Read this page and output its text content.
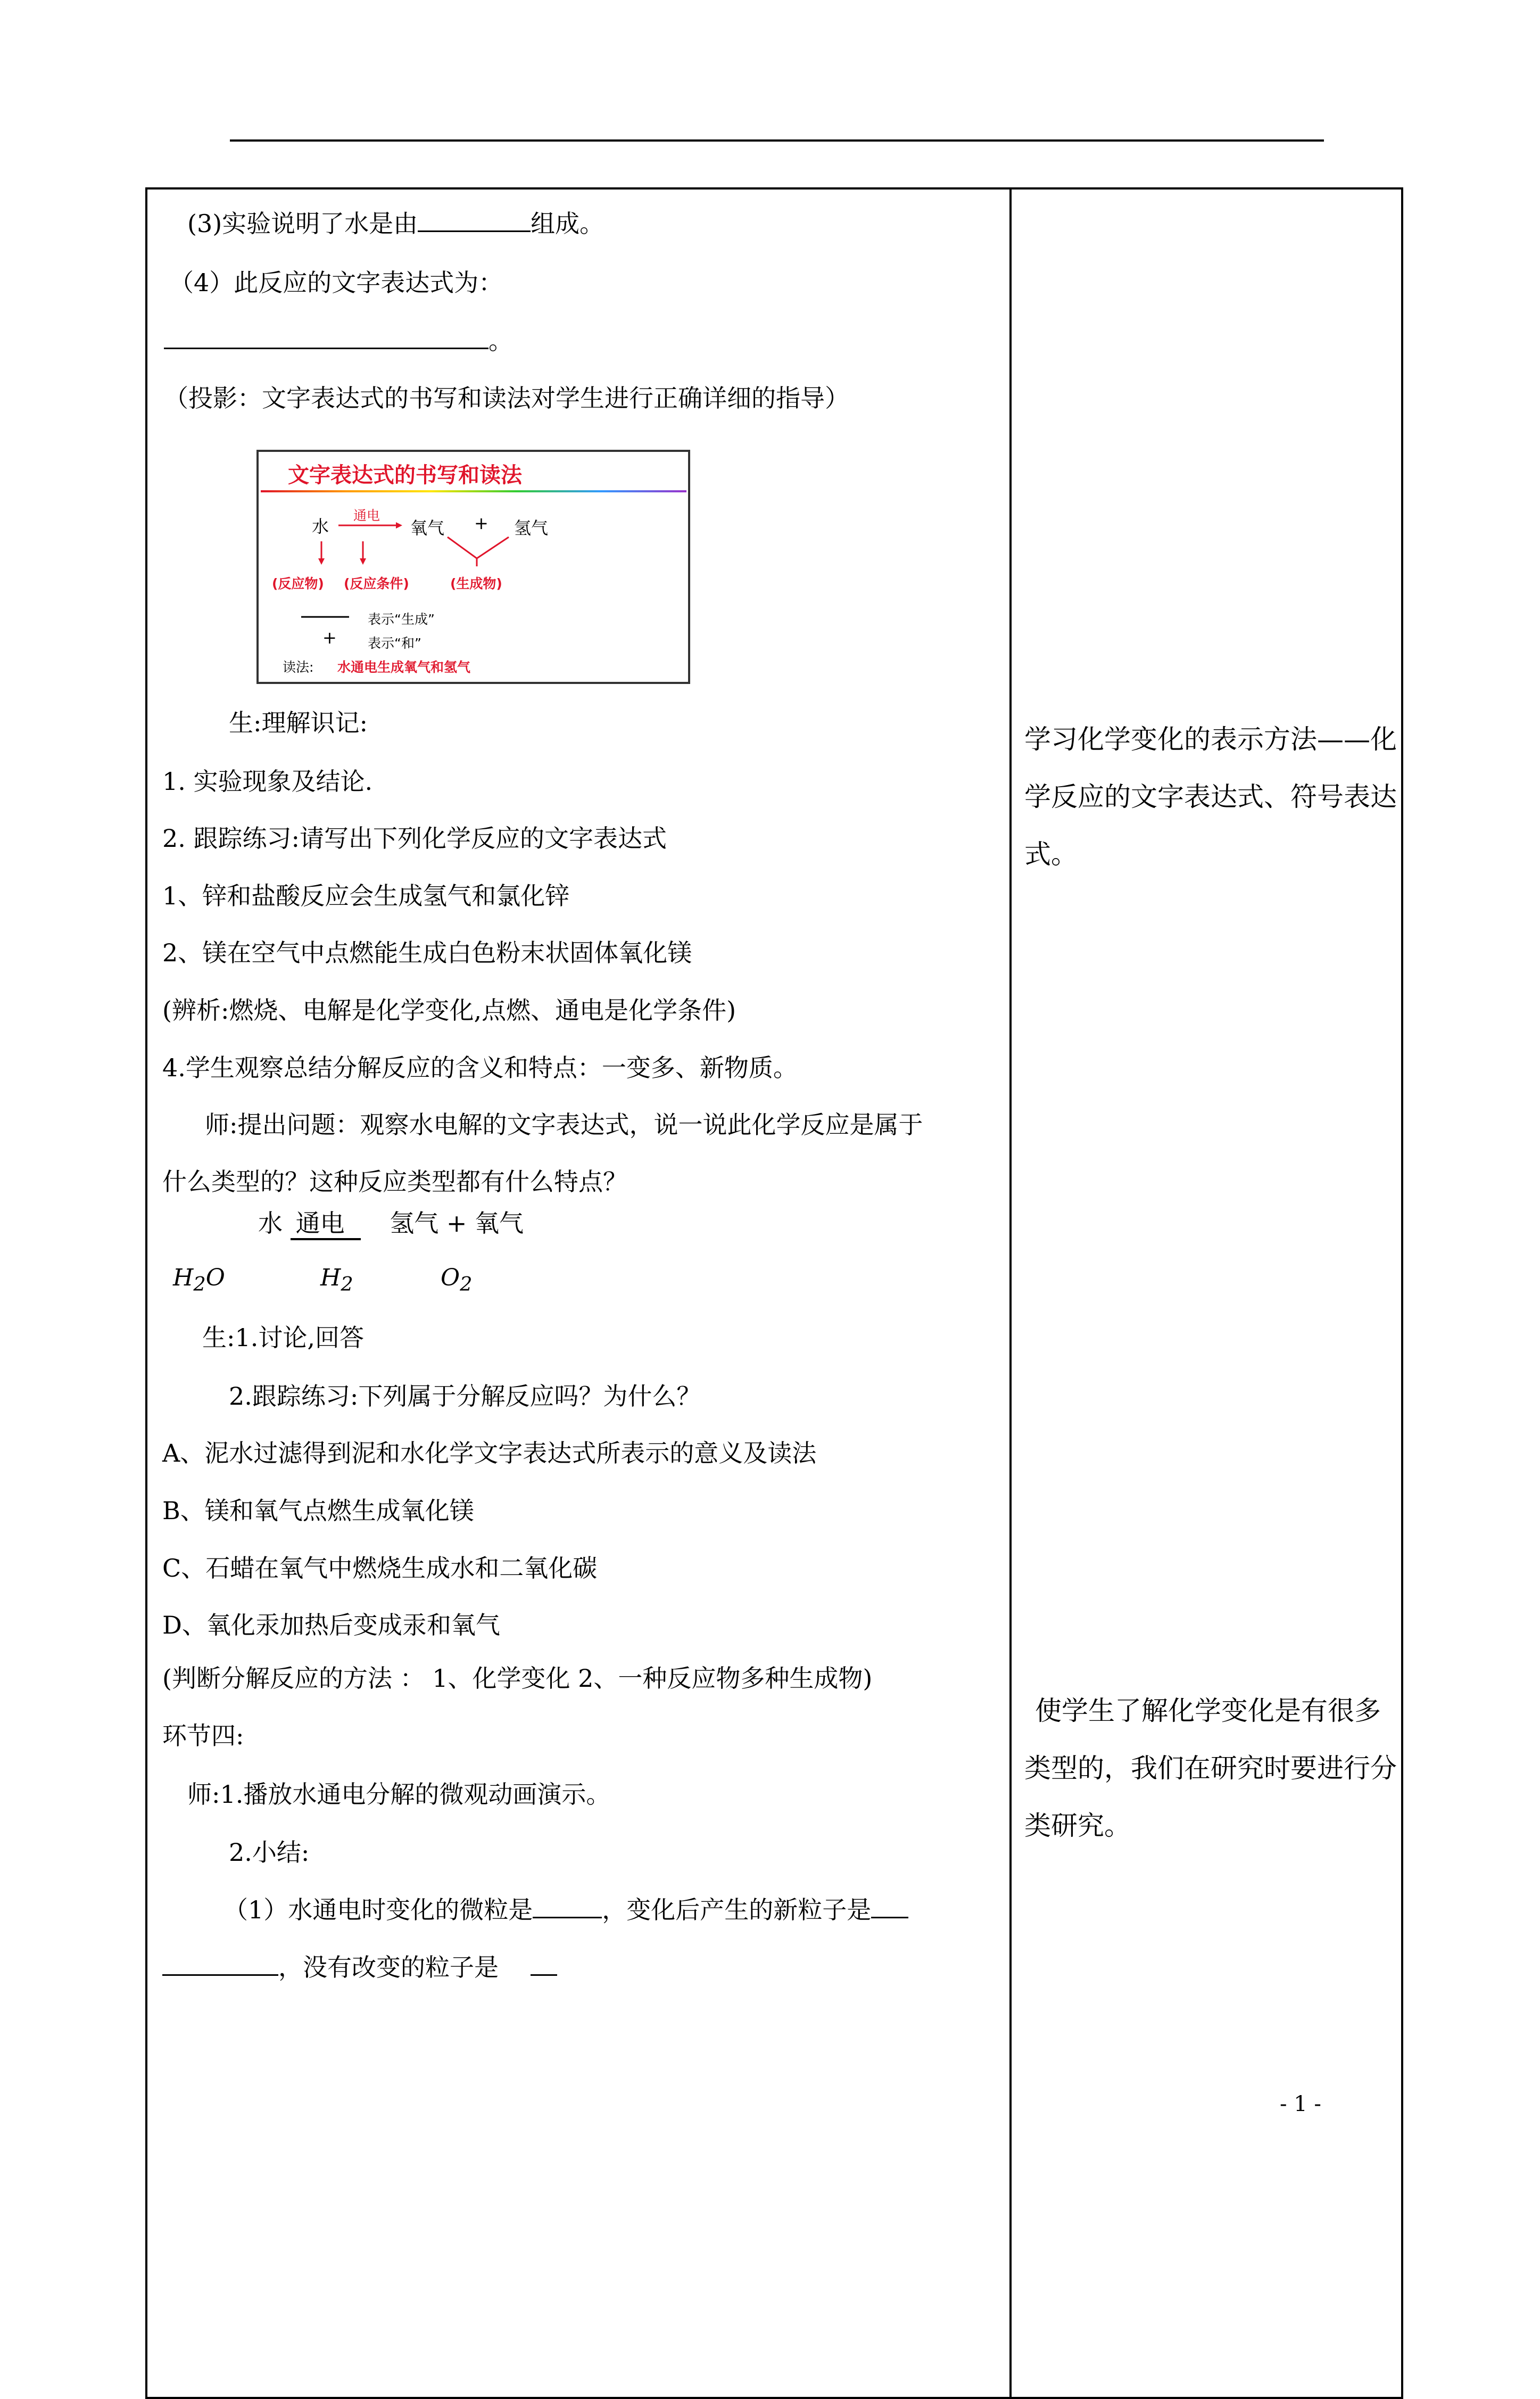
(3)实验说明了水是由	组成。
（4）此反应的文字表达式为：
。
（投影：文字表达式的书写和读法对学生进行正确详细的指导）
文字表达式的书写和读法
水
通电
氧气 + 氢气
(反应物) (反应条件)	(生成物)
表示“生成”
+ 表示“和”
读法: 水通电生成氧气和氢气
生:理解识记:
1. 实验现象及结论.
2. 跟踪练习:请写出下列化学反应的文字表达式
1、锌和盐酸反应会生成氢气和氯化锌
2、镁在空气中点燃能生成白色粉末状固体氧化镁
(辨析:燃烧、电解是化学变化,点燃、通电是化学条件)
4.学生观察总结分解反应的含义和特点：一变多、新物质。
师:提出问题：观察水电解的文字表达式，说一说此化学反应是属于
什么类型的？这种反应类型都有什么特点？
水 通电 氢气 + 氧气
$H_2O$	$H_2$	$O_2$
生:1.讨论,回答
2.跟踪练习:下列属于分解反应吗？为什么？
A、泥水过滤得到泥和水化学文字表达式所表示的意义及读法
B、镁和氧气点燃生成氧化镁
C、石蜡在氧气中燃烧生成水和二氧化碳
D、氧化汞加热后变成汞和氧气
(判断分解反应的方法 ： 1、化学变化 2、一种反应物多种生成物)
环节四:
师:1.播放水通电分解的微观动画演示。
2.小结:
（1）水通电时变化的微粒是	，变化后产生的新粒子是
，没有改变的粒子是
学习化学变化的表示方法——化学反应的文字表达式、符号表达式。
使学生了解化学变化是有很多类型的，我们在研究时要进行分类研究。
- 1 -
